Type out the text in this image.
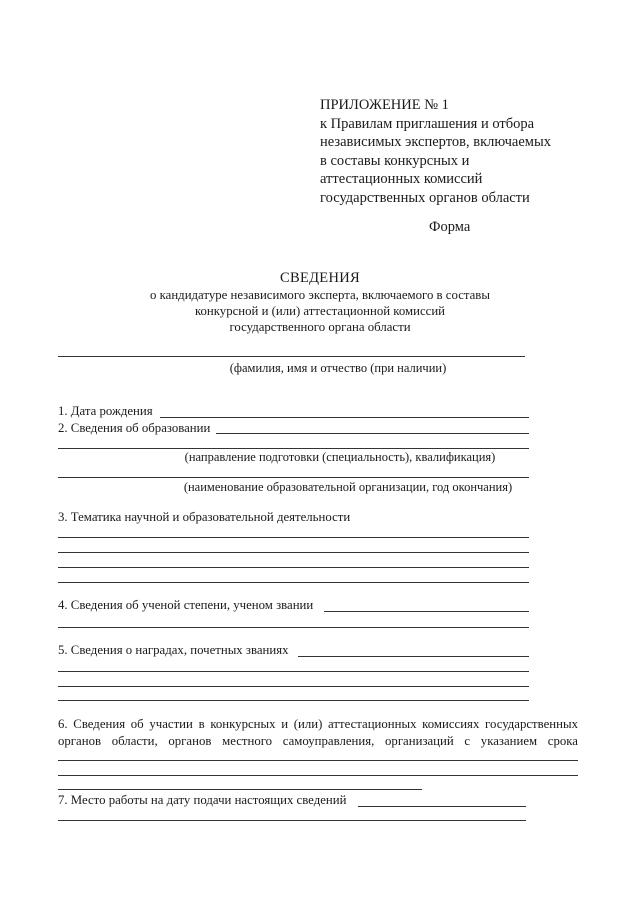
ПРИЛОЖЕНИЕ № 1
к Правилам приглашения и отбора
независимых экспертов, включаемых
в составы конкурсных и
аттестационных комиссий
государственных органов области
Форма
СВЕДЕНИЯ
о кандидатуре независимого эксперта, включаемого в составы
конкурсной и (или) аттестационной комиссий
государственного органа области
(фамилия, имя и отчество (при наличии)
1. Дата рождения
2. Сведения об образовании
(направление подготовки (специальность), квалификация)
(наименование образовательной организации, год окончания)
3. Тематика научной и образовательной деятельности
4. Сведения об ученой степени, ученом звании
5. Сведения о наградах, почетных званиях
6. Сведения об участии в конкурсных и (или) аттестационных комиссиях государственных
органов области, органов местного самоуправления, организаций с указанием срока
7. Место работы на дату подачи настоящих сведений
